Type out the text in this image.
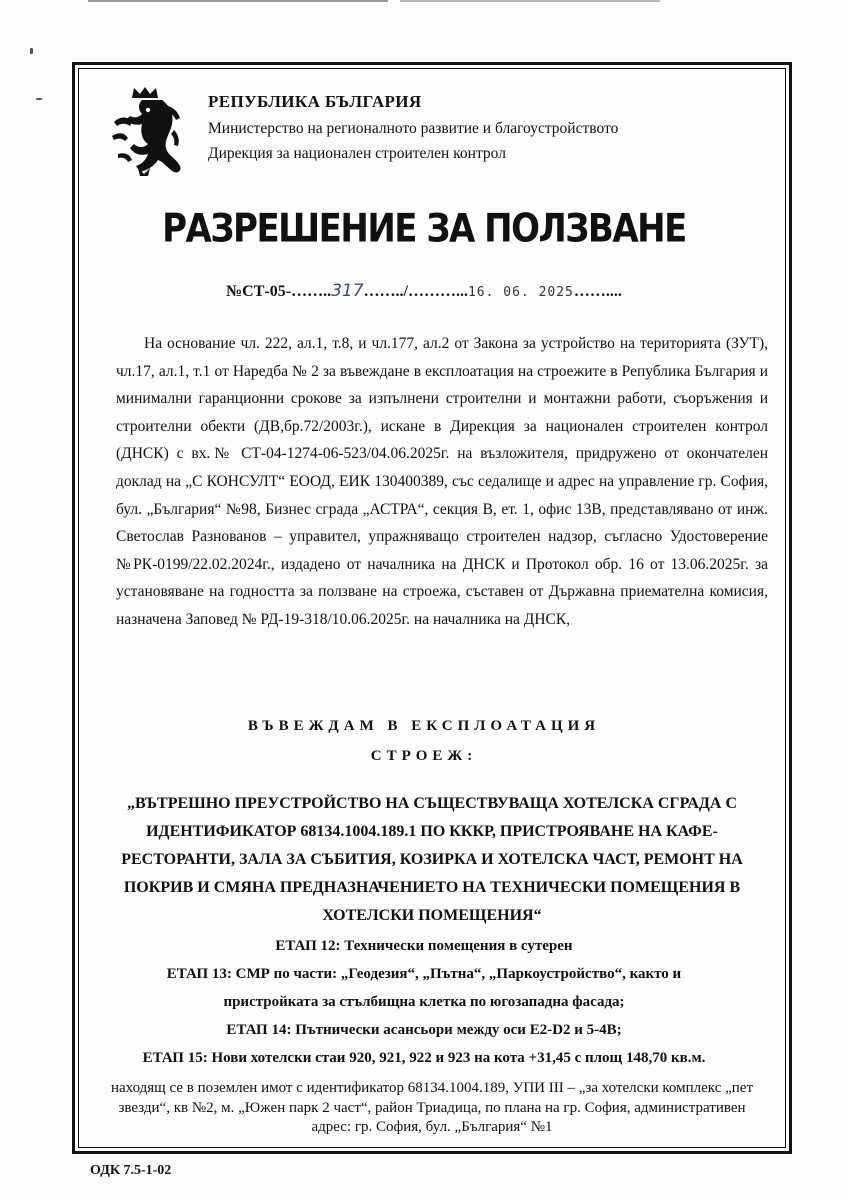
РЕПУБЛИКА БЪЛГАРИЯ
Министерство на регионалното развитие и благоустройството
Дирекция за национален строителен контрол
РАЗРЕШЕНИЕ ЗА ПОЛЗВАНЕ
№СТ-05-……..317……../………...16. 06. 2025……....

На основание чл. 222, ал.1, т.8, и чл.177, ал.2 от Закона за устройство на територията (ЗУТ), чл.17, ал.1, т.1 от Наредба № 2 за въвеждане в експлоатация на строежите в Република България и минимални гаранционни срокове за изпълнени строителни и монтажни работи, съоръжения и строителни обекти (ДВ,бр.72/2003г.), искане в Дирекция за национален строителен контрол (ДНСК) с вх.№ СТ-04-1274-06-523/04.06.2025г. на възложителя, придружено от окончателен доклад на „С КОНСУЛТ“ ЕООД, ЕИК 130400389, със седалище и адрес на управление гр. София, бул. „България“ №98, Бизнес сграда „АСТРА“, секция В, ет. 1, офис 13В, представлявано от инж. Светослав Разнованов – управител, упражняващо строителен надзор, съгласно Удостоверение №РК-0199/22.02.2024г., издадено от началника на ДНСК и Протокол обр. 16 от 13.06.2025г. за установяване на годността за ползване на строежа, съставен от Държавна приемателна комисия, назначена Заповед № РД-19-318/10.06.2025г. на началника на ДНСК,

ВЪВЕЖДАМ В ЕКСПЛОАТАЦИЯ
СТРОЕЖ:

„ВЪТРЕШНО ПРЕУСТРОЙСТВО НА СЪЩЕСТВУВАЩА ХОТЕЛСКА СГРАДА С ИДЕНТИФИКАТОР 68134.1004.189.1 ПО КККР, ПРИСТРОЯВАНЕ НА КАФЕ-РЕСТОРАНТИ, ЗАЛА ЗА СЪБИТИЯ, КОЗИРКА И ХОТЕЛСКА ЧАСТ, РЕМОНТ НА ПОКРИВ И СМЯНА ПРЕДНАЗНАЧЕНИЕТО НА ТЕХНИЧЕСКИ ПОМЕЩЕНИЯ В ХОТЕЛСКИ ПОМЕЩЕНИЯ“

ЕТАП 12: Технически помещения в сутерен
ЕТАП 13: СМР по части: „Геодезия“, „Пътна“, „Паркоустройство“, както и
пристройката за стълбищна клетка по югозападна фасада;
ЕТАП 14: Пътнически асансьори между оси Е2-D2 и 5-4В;
ЕТАП 15: Нови хотелски стаи 920, 921, 922 и 923 на кота +31,45 с площ 148,70 кв.м.

находящ се в поземлен имот с идентификатор 68134.1004.189, УПИ III – „за хотелски комплекс „пет звезди“, кв №2, м. „Южен парк 2 част“, район Триадица, по плана на гр. София, административен адрес: гр. София, бул. „България“ №1

ОДК 7.5-1-02
